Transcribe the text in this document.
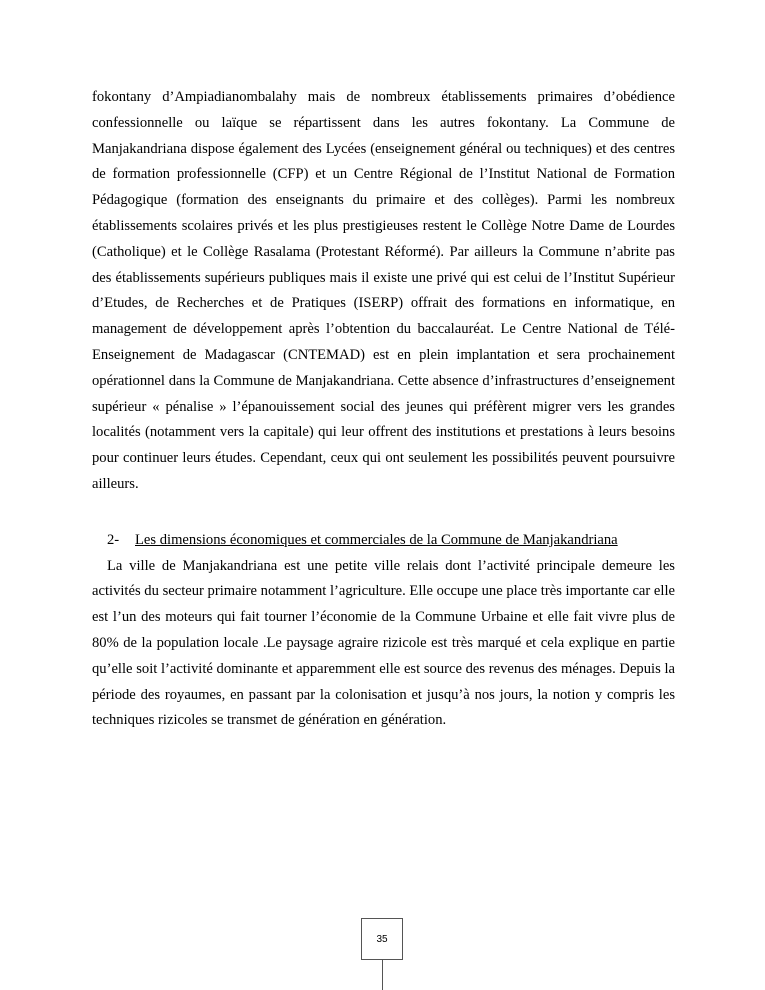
fokontany d’Ampiadianombalahy mais de nombreux établissements primaires d’obédience confessionnelle ou laïque se répartissent dans les autres fokontany. La Commune de Manjakandriana dispose également des Lycées (enseignement général ou techniques) et des centres de formation professionnelle (CFP) et un Centre Régional de l’Institut National de Formation Pédagogique (formation des enseignants du primaire et des collèges). Parmi les nombreux établissements scolaires privés et les plus prestigieuses restent le Collège Notre Dame de Lourdes (Catholique) et le Collège Rasalama (Protestant Réformé). Par ailleurs la Commune n’abrite pas des établissements supérieurs publiques mais il existe une privé qui est celui de l’Institut Supérieur d’Etudes, de Recherches et de Pratiques (ISERP) offrait des formations en informatique, en management de développement après l’obtention du baccalauréat. Le Centre National de Télé-Enseignement de Madagascar (CNTEMAD) est en plein implantation et sera prochainement opérationnel dans la Commune de Manjakandriana. Cette absence d’infrastructures d’enseignement supérieur « pénalise » l’épanouissement social des jeunes qui préfèrent migrer vers les grandes localités (notamment vers la capitale) qui leur offrent des institutions et prestations à leurs besoins pour continuer leurs études. Cependant, ceux qui ont seulement les possibilités peuvent poursuivre ailleurs.

2- Les dimensions économiques et commerciales de la Commune de Manjakandriana

La ville de Manjakandriana est une petite ville relais dont l’activité principale demeure les activités du secteur primaire notamment l’agriculture. Elle occupe une place très importante car elle est l’un des moteurs qui fait tourner l’économie de la Commune Urbaine et elle fait vivre plus de 80% de la population locale .Le paysage agraire rizicole est très marqué et cela explique en partie qu’elle soit l’activité dominante et apparemment elle est source des revenus des ménages. Depuis la période des royaumes, en passant par la colonisation et jusqu’à nos jours, la notion y compris les techniques rizicoles se transmet de génération en génération.

35
